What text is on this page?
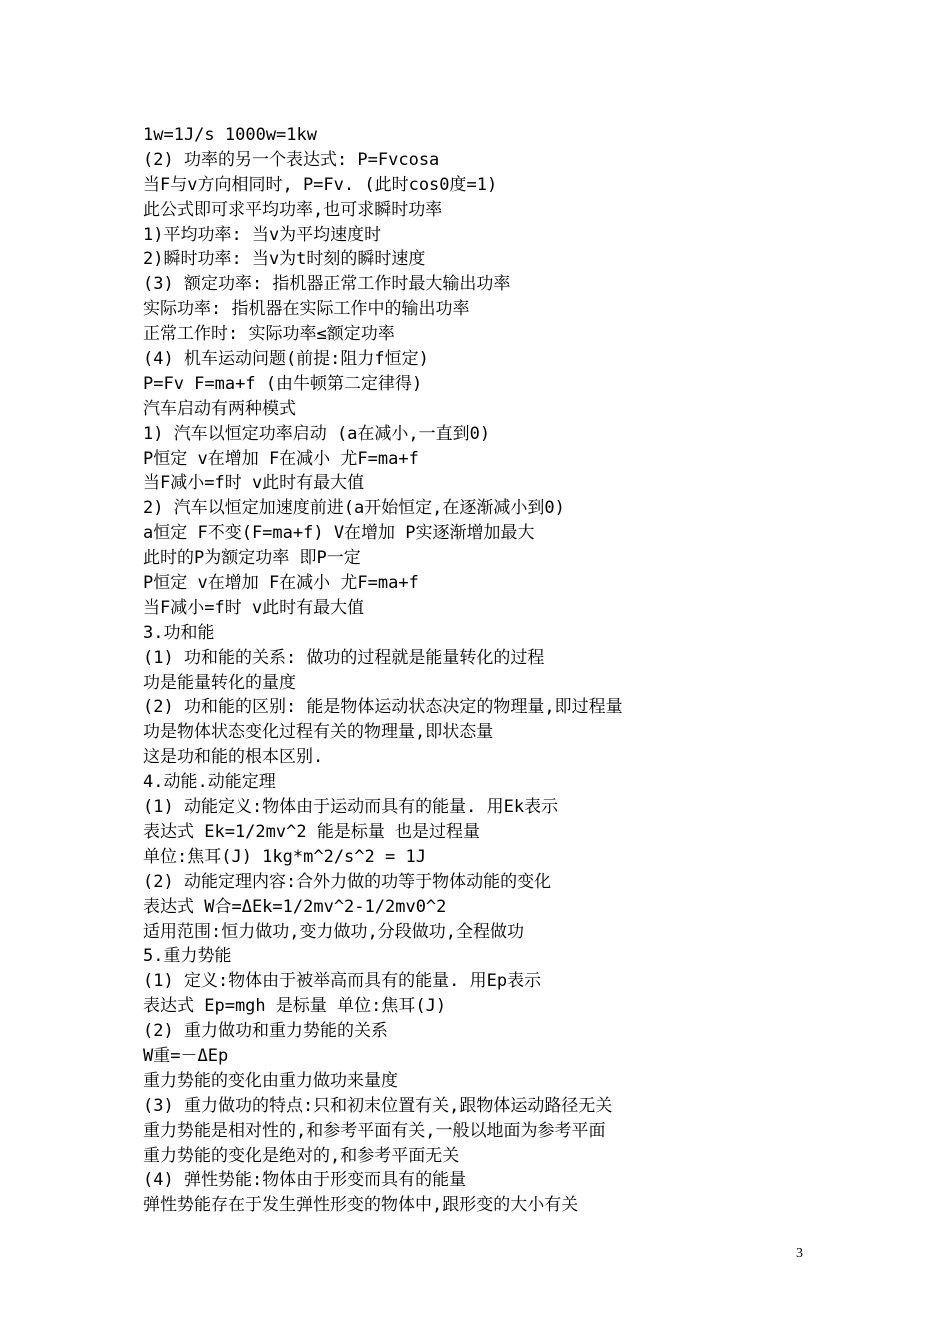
1w=1J/s 1000w=1kw
(2) 功率的另一个表达式: P=Fvcosa
当F与v方向相同时, P=Fv. (此时cos0度=1)
此公式即可求平均功率,也可求瞬时功率
1)平均功率: 当v为平均速度时
2)瞬时功率: 当v为t时刻的瞬时速度
(3) 额定功率: 指机器正常工作时最大输出功率
实际功率: 指机器在实际工作中的输出功率
正常工作时: 实际功率≤额定功率
(4) 机车运动问题(前提:阻力f恒定)
P=Fv F=ma+f (由牛顿第二定律得)
汽车启动有两种模式
1) 汽车以恒定功率启动 (a在减小,一直到0)
P恒定 v在增加 F在减小 尤F=ma+f
当F减小=f时 v此时有最大值
2) 汽车以恒定加速度前进(a开始恒定,在逐渐减小到0)
a恒定 F不变(F=ma+f) V在增加 P实逐渐增加最大
此时的P为额定功率 即P一定
P恒定 v在增加 F在减小 尤F=ma+f
当F减小=f时 v此时有最大值
3.功和能
(1) 功和能的关系: 做功的过程就是能量转化的过程
功是能量转化的量度
(2) 功和能的区别: 能是物体运动状态决定的物理量,即过程量
功是物体状态变化过程有关的物理量,即状态量
这是功和能的根本区别.
4.动能.动能定理
(1) 动能定义:物体由于运动而具有的能量. 用Ek表示
表达式 Ek=1/2mv^2 能是标量 也是过程量
单位:焦耳(J) 1kg*m^2/s^2 = 1J
(2) 动能定理内容:合外力做的功等于物体动能的变化
表达式 W合=ΔEk=1/2mv^2-1/2mv0^2
适用范围:恒力做功,变力做功,分段做功,全程做功
5.重力势能
(1) 定义:物体由于被举高而具有的能量. 用Ep表示
表达式 Ep=mgh 是标量 单位:焦耳(J)
(2) 重力做功和重力势能的关系
W重=－ΔEp
重力势能的变化由重力做功来量度
(3) 重力做功的特点:只和初末位置有关,跟物体运动路径无关
重力势能是相对性的,和参考平面有关,一般以地面为参考平面
重力势能的变化是绝对的,和参考平面无关
(4) 弹性势能:物体由于形变而具有的能量
弹性势能存在于发生弹性形变的物体中,跟形变的大小有关
3
